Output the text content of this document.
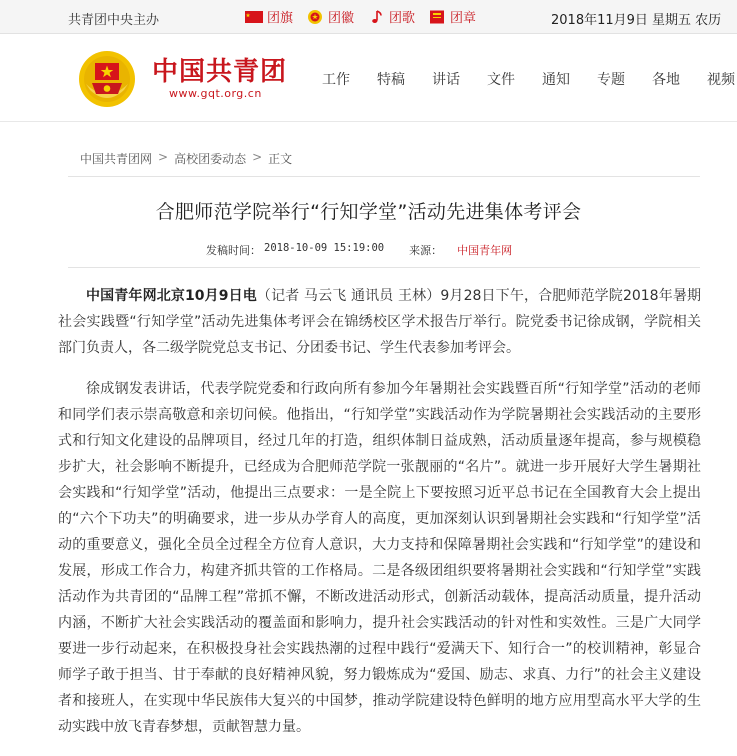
共青团中央主办	团旗	团徽	团歌	团章	2018年11月9日 星期五 农历
中国共青团
www.gqt.org.cn
工作 特稿 讲话 文件 通知 专题 各地 视频
中国共青团网 > 高校团委动态 > 正文
合肥师范学院举行“行知学堂”活动先进集体考评会
发稿时间： 2018-10-09 15:19:00 来源： 中国青年网

中国青年网北京10月9日电（记者 马云飞 通讯员 王林）9月28日下午，合肥师范学院2018年暑期社会实践暨“行知学堂”活动先进集体考评会在锦绣校区学术报告厅举行。院党委书记徐成钢，学院相关部门负责人，各二级学院党总支书记、分团委书记、学生代表参加考评会。

徐成钢发表讲话，代表学院党委和行政向所有参加今年暑期社会实践暨百所“行知学堂”活动的老师和同学们表示崇高敬意和亲切问候。他指出，“行知学堂”实践活动作为学院暑期社会实践活动的主要形式和行知文化建设的品牌项目，经过几年的打造，组织体制日益成熟，活动质量逐年提高，参与规模稳步扩大，社会影响不断提升，已经成为合肥师范学院一张靓丽的“名片”。就进一步开展好大学生暑期社会实践和“行知学堂”活动，他提出三点要求：一是全院上下要按照习近平总书记在全国教育大会上提出的“六个下功夫”的明确要求，进一步从办学育人的高度，更加深刻认识到暑期社会实践和“行知学堂”活动的重要意义，强化全员全过程全方位育人意识，大力支持和保障暑期社会实践和“行知学堂”的建设和发展，形成工作合力，构建齐抓共管的工作格局。二是各级团组织要将暑期社会实践和“行知学堂”实践活动作为共青团的“品牌工程”常抓不懈，不断改进活动形式，创新活动载体，提高活动质量，提升活动内涵，不断扩大社会实践活动的覆盖面和影响力，提升社会实践活动的针对性和实效性。三是广大同学要进一步行动起来，在积极投身社会实践热潮的过程中践行“爱满天下、知行合一”的校训精神，彰显合师学子敢于担当、甘于奉献的良好精神风貌，努力锻炼成为“爱国、励志、求真、力行”的社会主义建设者和接班人，在实现中华民族伟大复兴的中国梦，推动学院建设特色鲜明的地方应用型高水平大学的生动实践中放飞青春梦想，贡献智慧力量。
